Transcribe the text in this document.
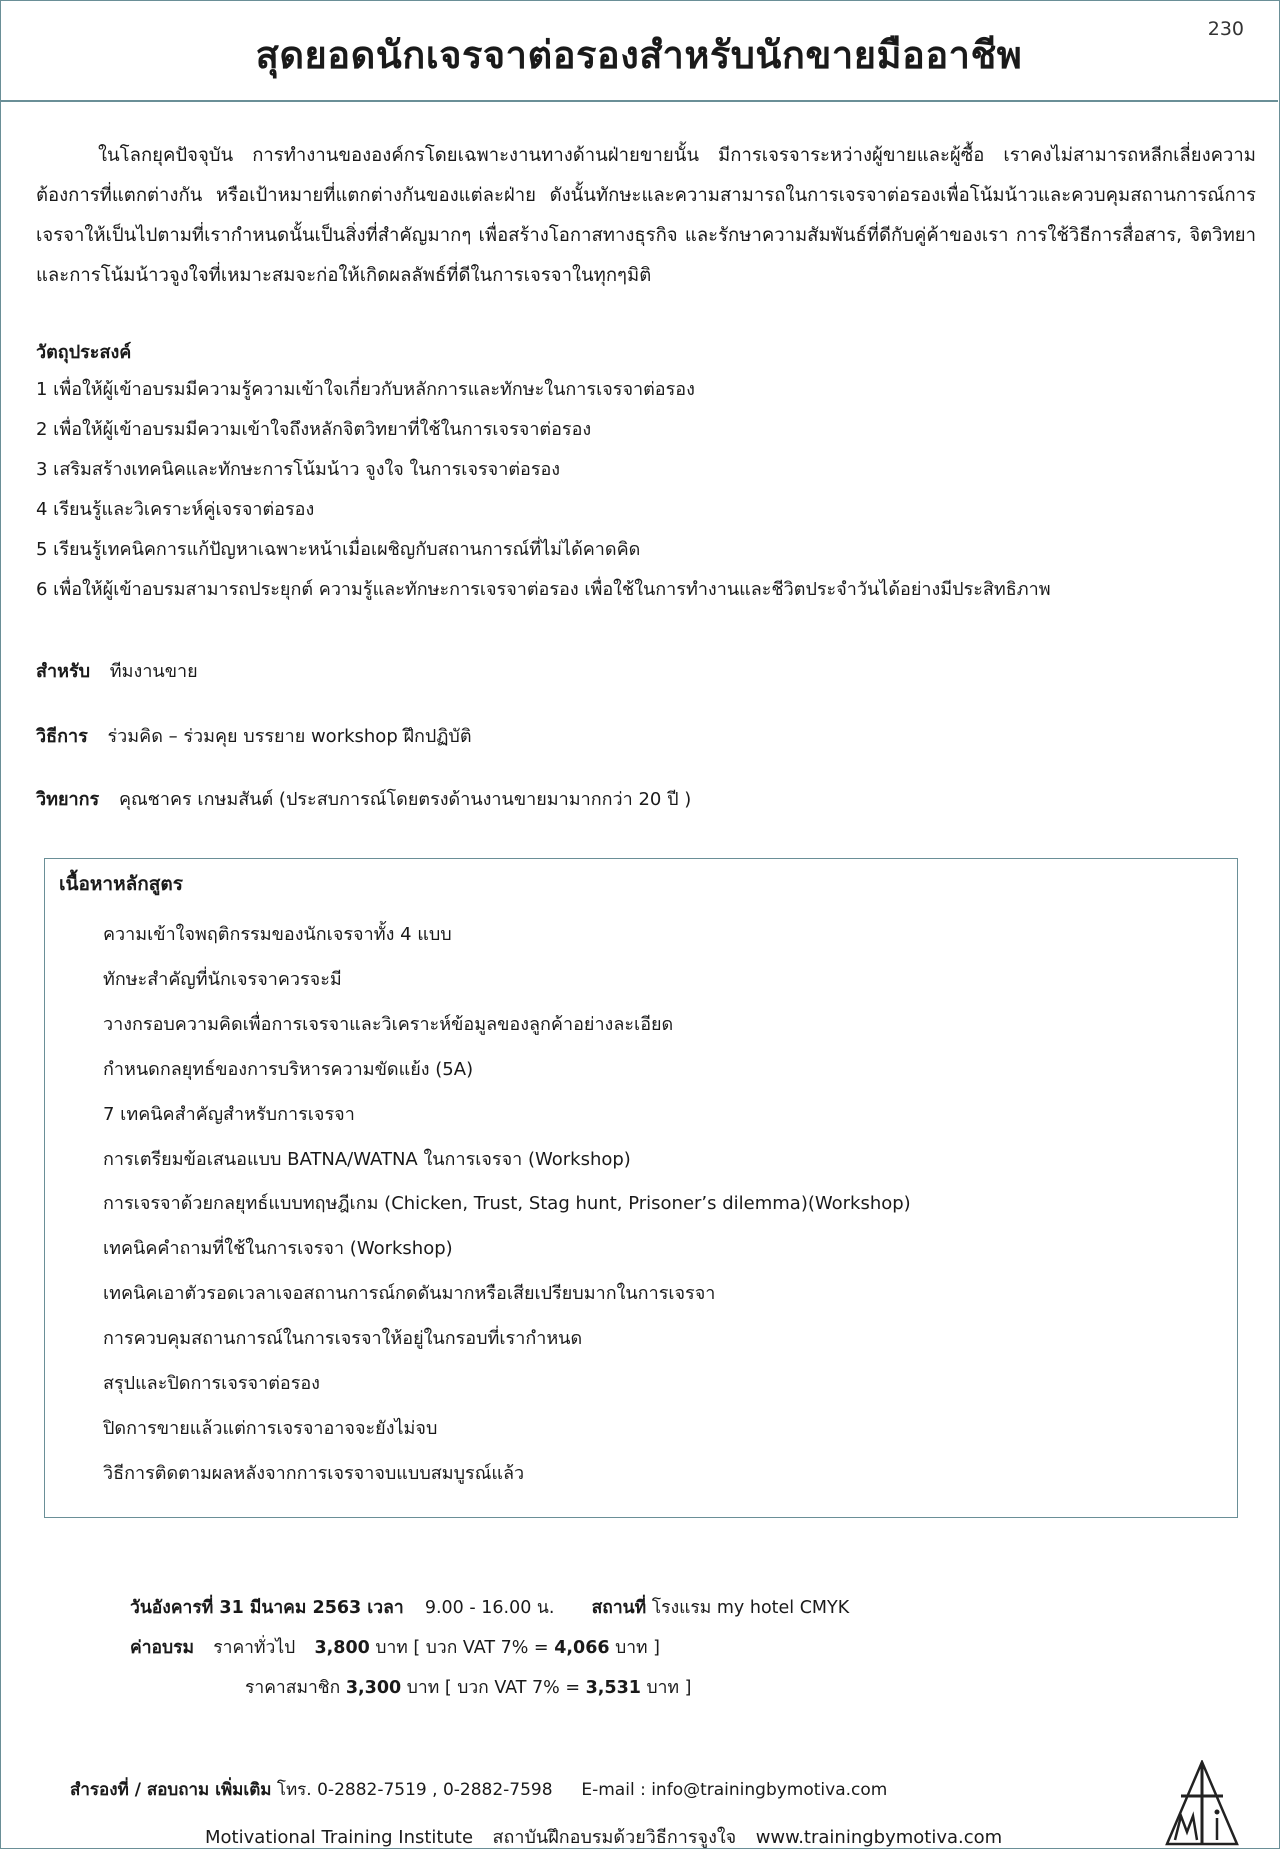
230
สุดยอดนักเจรจาต่อรองสำหรับนักขายมืออาชีพ
ในโลกยุคปัจจุบัน การทำงานขององค์กรโดยเฉพาะงานทางด้านฝ่ายขายนั้น มีการเจรจาระหว่างผู้ขายและผู้ซื้อ เราคงไม่สามารถหลีกเลี่ยงความต้องการที่แตกต่างกัน หรือเป้าหมายที่แตกต่างกันของแต่ละฝ่าย ดังนั้นทักษะและความสามารถในการเจรจาต่อรองเพื่อโน้มน้าวและควบคุมสถานการณ์การเจรจาให้เป็นไปตามที่เรากำหนดนั้นเป็นสิ่งที่สำคัญมากๆ เพื่อสร้างโอกาสทางธุรกิจ และรักษาความสัมพันธ์ที่ดีกับคู่ค้าของเรา การใช้วิธีการสื่อสาร, จิตวิทยาและการโน้มน้าวจูงใจที่เหมาะสมจะก่อให้เกิดผลลัพธ์ที่ดีในการเจรจาในทุกๆมิติ
วัตถุประสงค์
1 เพื่อให้ผู้เข้าอบรมมีความรู้ความเข้าใจเกี่ยวกับหลักการและทักษะในการเจรจาต่อรอง
2 เพื่อให้ผู้เข้าอบรมมีความเข้าใจถึงหลักจิตวิทยาที่ใช้ในการเจรจาต่อรอง
3 เสริมสร้างเทคนิคและทักษะการโน้มน้าว จูงใจ ในการเจรจาต่อรอง
4 เรียนรู้และวิเคราะห์คู่เจรจาต่อรอง
5 เรียนรู้เทคนิคการแก้ปัญหาเฉพาะหน้าเมื่อเผชิญกับสถานการณ์ที่ไม่ได้คาดคิด
6 เพื่อให้ผู้เข้าอบรมสามารถประยุกต์ ความรู้และทักษะการเจรจาต่อรอง เพื่อใช้ในการทำงานและชีวิตประจำวันได้อย่างมีประสิทธิภาพ
สำหรับ ทีมงานขาย
วิธีการ ร่วมคิด – ร่วมคุย บรรยาย workshop ฝึกปฏิบัติ
วิทยากร คุณชาคร เกษมสันต์ (ประสบการณ์โดยตรงด้านงานขายมามากกว่า 20 ปี )
เนื้อหาหลักสูตร
ความเข้าใจพฤติกรรมของนักเจรจาทั้ง 4 แบบ
ทักษะสำคัญที่นักเจรจาควรจะมี
วางกรอบความคิดเพื่อการเจรจาและวิเคราะห์ข้อมูลของลูกค้าอย่างละเอียด
กำหนดกลยุทธ์ของการบริหารความขัดแย้ง (5A)
7 เทคนิคสำคัญสำหรับการเจรจา
การเตรียมข้อเสนอแบบ BATNA/WATNA ในการเจรจา (Workshop)
การเจรจาด้วยกลยุทธ์แบบทฤษฎีเกม (Chicken, Trust, Stag hunt, Prisoner’s dilemma)(Workshop)
เทคนิคคำถามที่ใช้ในการเจรจา (Workshop)
เทคนิคเอาตัวรอดเวลาเจอสถานการณ์กดดันมากหรือเสียเปรียบมากในการเจรจา
การควบคุมสถานการณ์ในการเจรจาให้อยู่ในกรอบที่เรากำหนด
สรุปและปิดการเจรจาต่อรอง
ปิดการขายแล้วแต่การเจรจาอาจจะยังไม่จบ
วิธีการติดตามผลหลังจากการเจรจาจบแบบสมบูรณ์แล้ว
วันอังคารที่ 31 มีนาคม 2563 เวลา 9.00 - 16.00 น. สถานที่ โรงแรม my hotel CMYK
ค่าอบรม ราคาทั่วไป 3,800 บาท [ บวก VAT 7% = 4,066 บาท ]
ราคาสมาชิก 3,300 บาท [ บวก VAT 7% = 3,531 บาท ]
สำรองที่ / สอบถาม เพิ่มเติม โทร. 0-2882-7519 , 0-2882-7598 E-mail : info@trainingbymotiva.com
Motivational Training Institute สถาบันฝึกอบรมด้วยวิธีการจูงใจ www.trainingbymotiva.com
